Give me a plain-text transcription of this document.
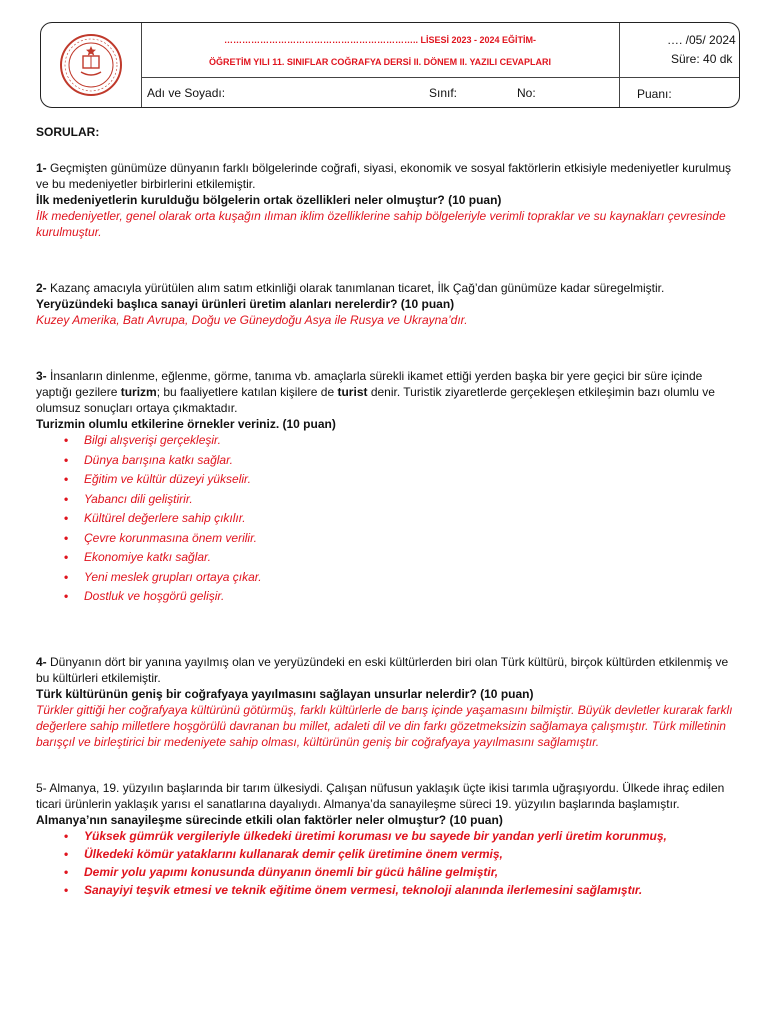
……………………………………………………….. LİSESİ 2023 - 2024 EĞİTİM-
ÖĞRETİM YILI 11. SINIFLAR COĞRAFYA DERSİ II. DÖNEM II. YAZILI CEVAPLARI
…. /05/ 2024
Süre: 40 dk
Adı ve Soyadı:	Sınıf:	No:	Puanı:
SORULAR:

1- Geçmişten günümüze dünyanın farklı bölgelerinde coğrafi, siyasi, ekonomik ve sosyal faktörlerin etkisiyle medeniyetler kurulmuş ve bu medeniyetler birbirlerini etkilemiştir.

İlk medeniyetlerin kurulduğu bölgelerin ortak özellikleri neler olmuştur? (10 puan)

İlk medeniyetler, genel olarak orta kuşağın ılıman iklim özelliklerine sahip bölgeleriyle verimli topraklar ve su kaynakları çevresinde kurulmuştur.

2- Kazanç amacıyla yürütülen alım satım etkinliği olarak tanımlanan ticaret, İlk Çağ’dan günümüze kadar süregelmiştir.

Yeryüzündeki başlıca sanayi ürünleri üretim alanları nerelerdir? (10 puan)

Kuzey Amerika, Batı Avrupa, Doğu ve Güneydoğu Asya ile Rusya ve Ukrayna’dır.

3- İnsanların dinlenme, eğlenme, görme, tanıma vb. amaçlarla sürekli ikamet ettiği yerden başka bir yere geçici bir süre içinde yaptığı gezilere turizm; bu faaliyetlere katılan kişilere de turist denir. Turistik ziyaretlerde gerçekleşen etkileşimin bazı olumlu ve olumsuz sonuçları ortaya çıkmaktadır.

Turizmin olumlu etkilerine örnekler veriniz. (10 puan)

• Bilgi alışverişi gerçekleşir.
• Dünya barışına katkı sağlar.
• Eğitim ve kültür düzeyi yükselir.
• Yabancı dili geliştirir.
• Kültürel değerlere sahip çıkılır.
• Çevre korunmasına önem verilir.
• Ekonomiye katkı sağlar.
• Yeni meslek grupları ortaya çıkar.
• Dostluk ve hoşgörü gelişir.

4- Dünyanın dört bir yanına yayılmış olan ve yeryüzündeki en eski kültürlerden biri olan Türk kültürü, birçok kültürden etkilenmiş ve bu kültürleri etkilemiştir.

Türk kültürünün geniş bir coğrafyaya yayılmasını sağlayan unsurlar nelerdir? (10 puan)

Türkler gittiği her coğrafyaya kültürünü götürmüş, farklı kültürlerle de barış içinde yaşamasını bilmiştir. Büyük devletler kurarak farklı değerlere sahip milletlere hoşgörülü davranan bu millet, adaleti dil ve din farkı gözetmeksizin sağlamaya çalışmıştır. Türk milletinin barışçıl ve birleştirici bir medeniyete sahip olması, kültürünün geniş bir coğrafyaya yayılmasını sağlamıştır.

5- Almanya, 19. yüzyılın başlarında bir tarım ülkesiydi. Çalışan nüfusun yaklaşık üçte ikisi tarımla uğraşıyordu. Ülkede ihraç edilen ticari ürünlerin yaklaşık yarısı el sanatlarına dayalıydı. Almanya’da sanayileşme süreci 19. yüzyılın başlarında başlamıştır.

Almanya’nın sanayileşme sürecinde etkili olan faktörler neler olmuştur? (10 puan)

• Yüksek gümrük vergileriyle ülkedeki üretimi koruması ve bu sayede bir yandan yerli üretim korunmuş,
• Ülkedeki kömür yataklarını kullanarak demir çelik üretimine önem vermiş,
• Demir yolu yapımı konusunda dünyanın önemli bir gücü hâline gelmiştir,
• Sanayiyi teşvik etmesi ve teknik eğitime önem vermesi, teknoloji alanında ilerlemesini sağlamıştır.
